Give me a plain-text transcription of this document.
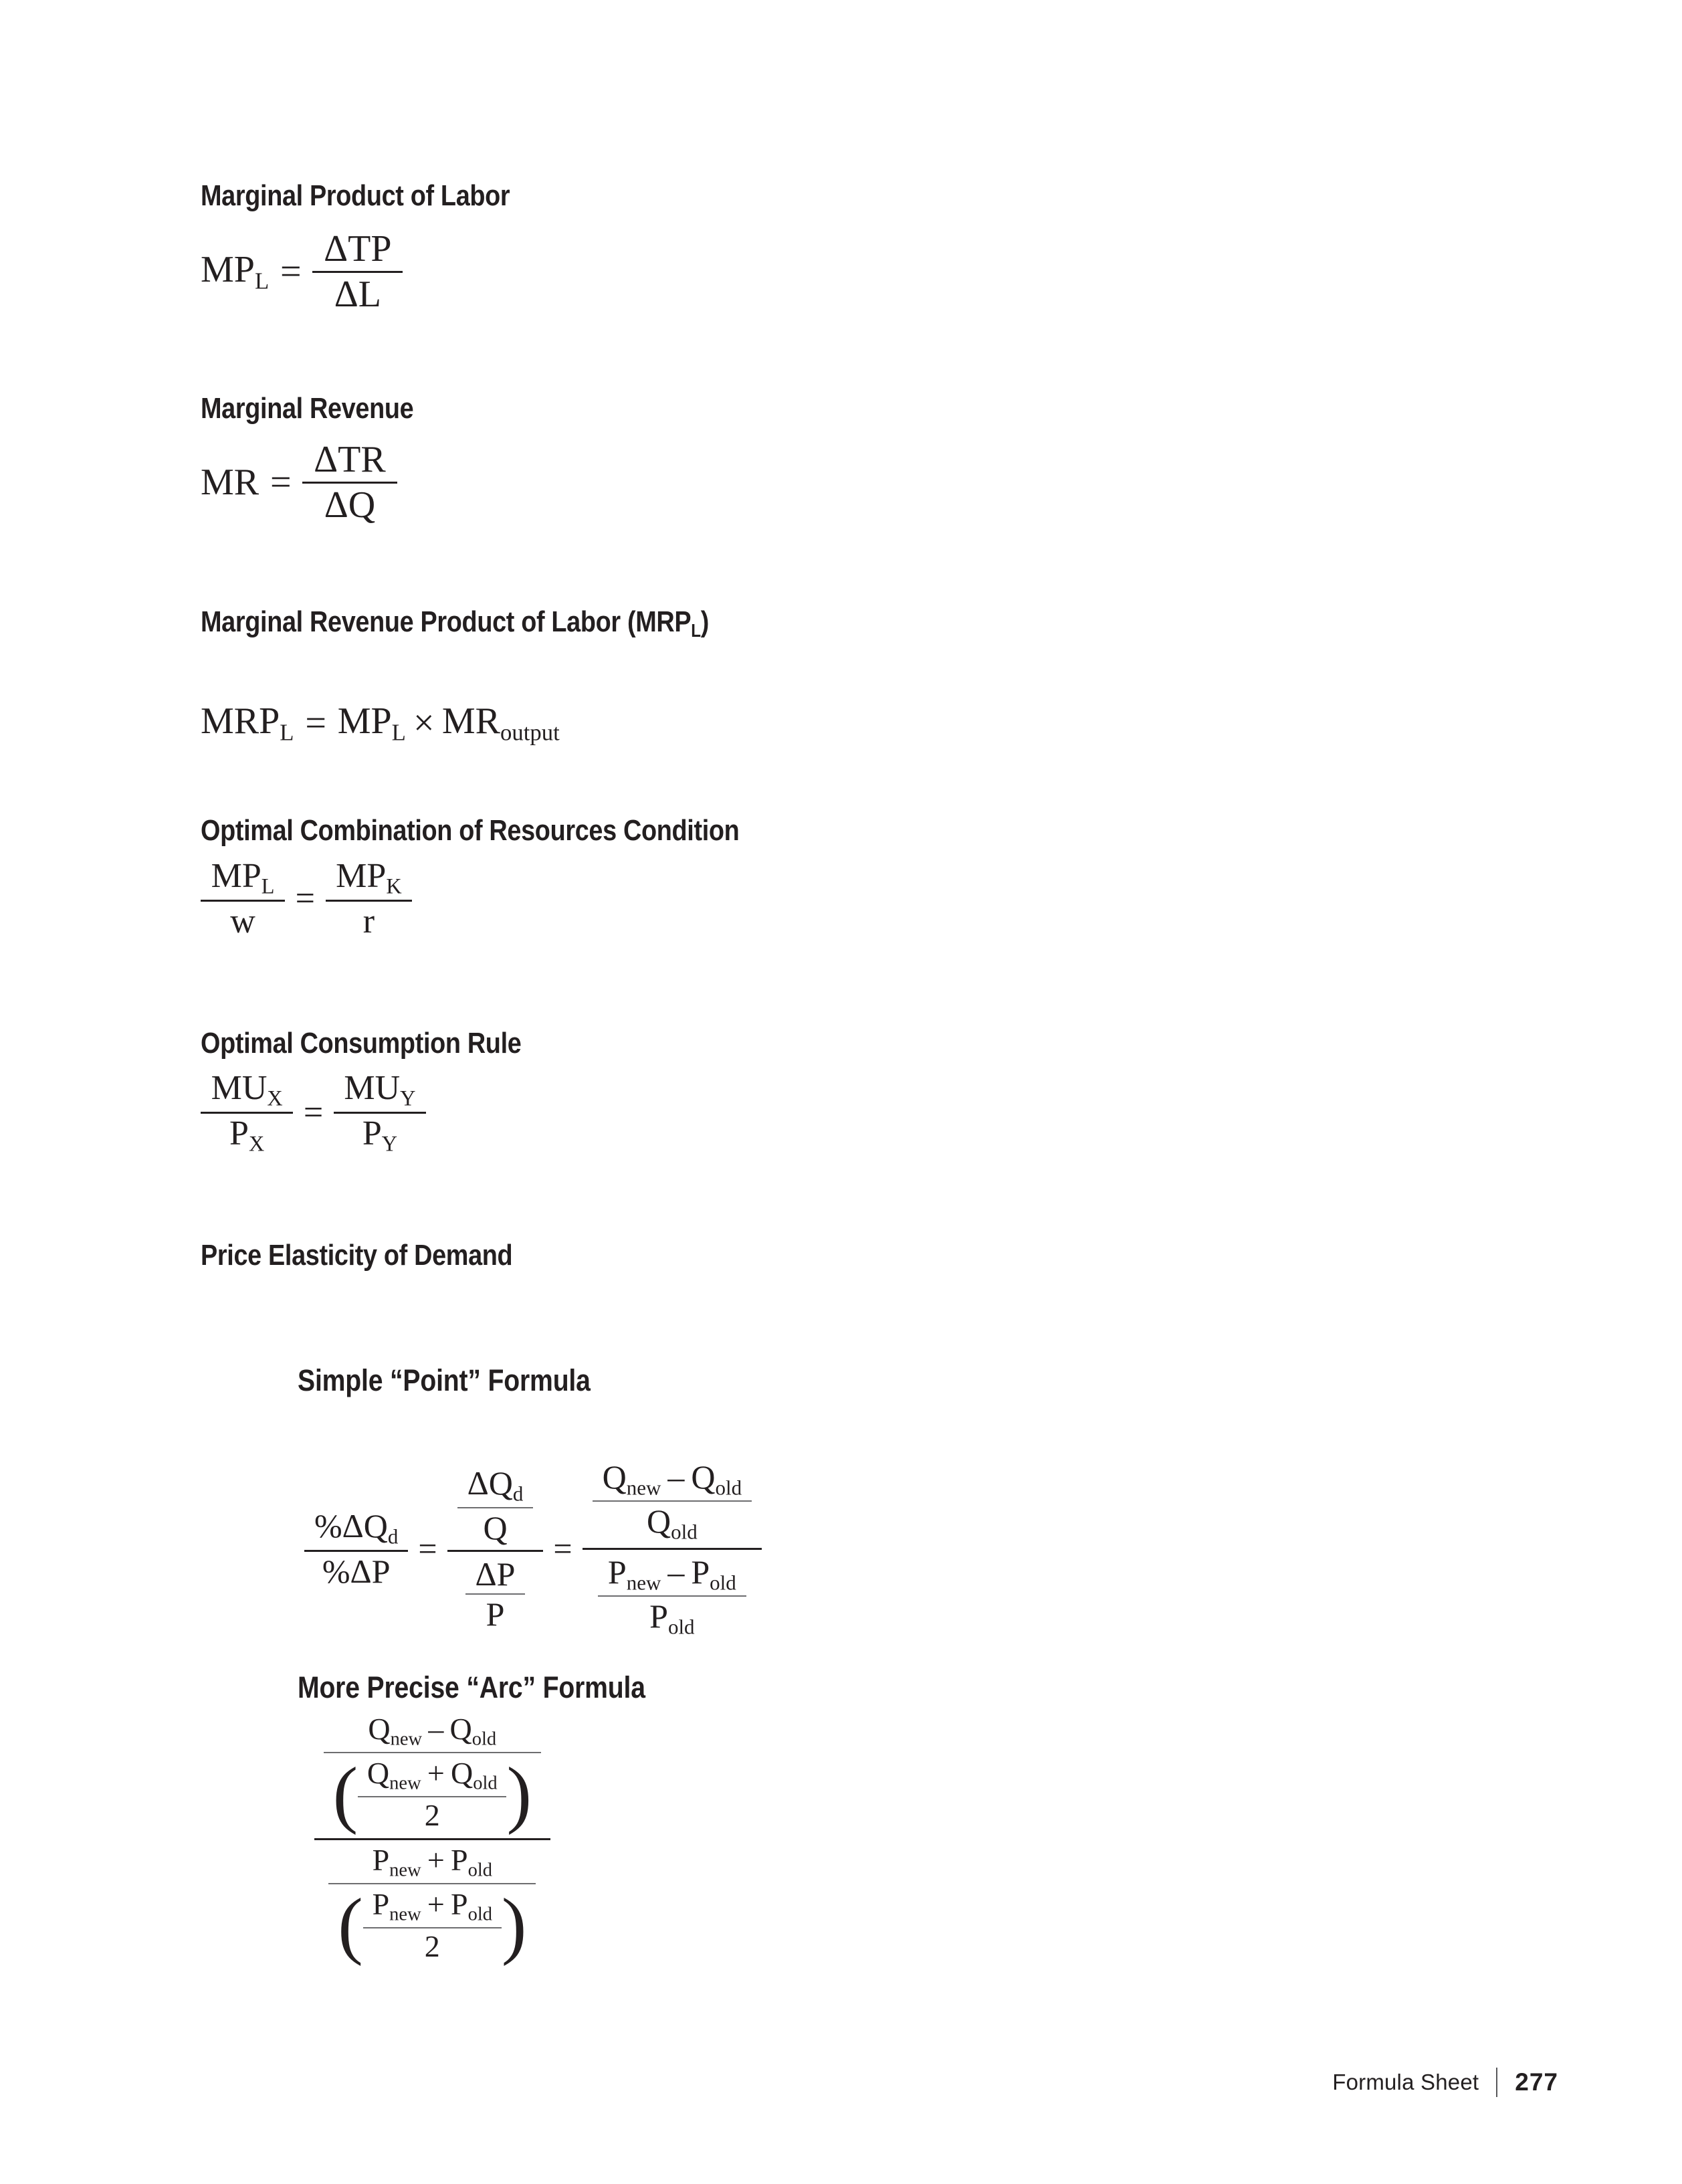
Marginal Product of Labor
$MP_L = \frac{\text{ΔTP}}{\Delta L}$
Marginal Revenue
MR = $\frac{\text{ΔTR}}{\Delta Q}$
Marginal Revenue Product of Labor $(MRP_L)$
$MRP_L = MP_L \times MR_{output}$
Optimal Combination of Resources Condition
$\frac{MP_L}{w} = \frac{MP_K}{r}$
Optimal Consumption Rule
$\frac{MU_X}{P_X} = \frac{MU_Y}{P_Y}$
Price Elasticity of Demand
Simple “Point” Formula
$\frac{\%\Delta Q_d}{\%\Delta P} = \frac{\frac{\Delta Q_d}{Q}}{\frac{\Delta P}{P}} = \frac{\frac{Q_{new} - Q_{old}}{Q_{old}}}{\frac{P_{new} - P_{old}}{P_{old}}}$
More Precise “Arc” Formula
$Q_{new} - Q_{old}$
( $\frac{Q_{new} + Q_{old}}{2}$ )
$P_{new} + P_{old}$
( $\frac{P_{new} + P_{old}}{2}$ )
Formula Sheet 277
